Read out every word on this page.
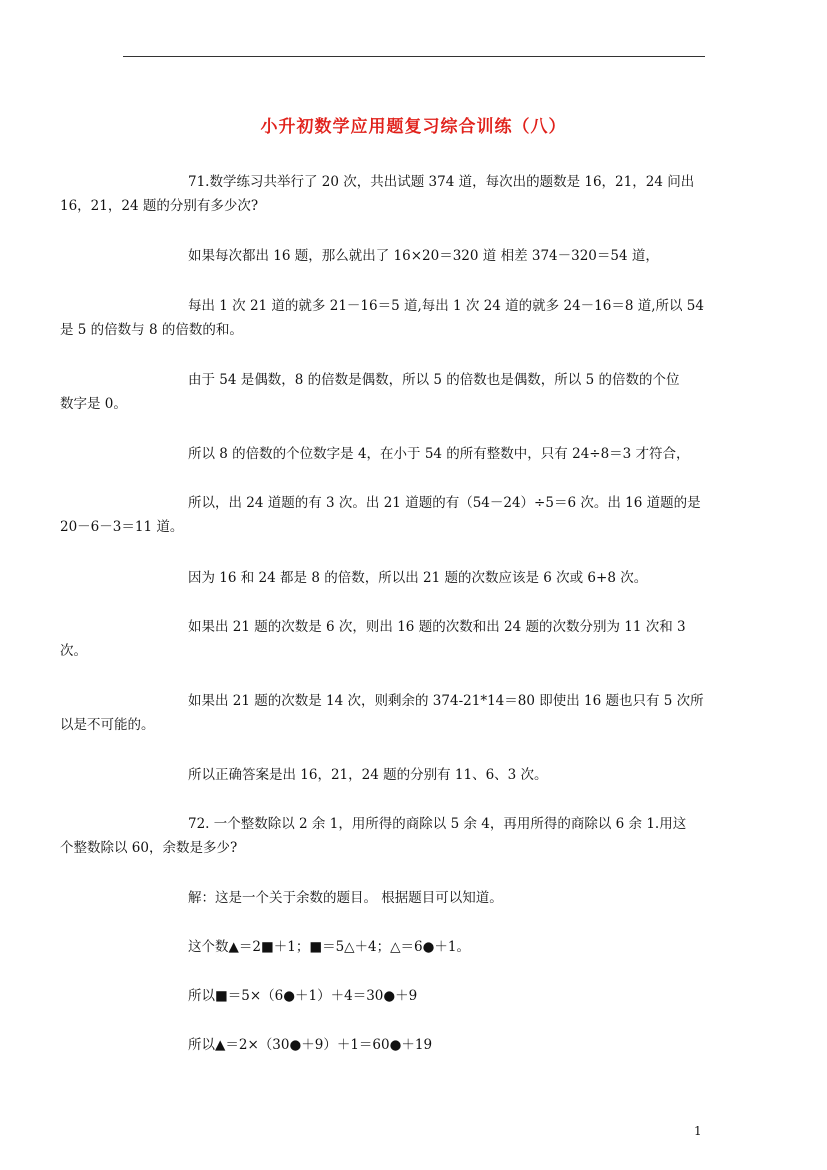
小升初数学应用题复习综合训练（八）
71.数学练习共举行了 20 次，共出试题 374 道，每次出的题数是 16，21，24 问出
16，21，24 题的分别有多少次?
如果每次都出 16 题，那么就出了 16×20＝320 道 相差 374－320＝54 道，
每出 1 次 21 道的就多 21－16＝5 道,每出 1 次 24 道的就多 24－16＝8 道,所以 54
是 5 的倍数与 8 的倍数的和。
由于 54 是偶数，8 的倍数是偶数，所以 5 的倍数也是偶数，所以 5 的倍数的个位
数字是 0。
所以 8 的倍数的个位数字是 4，在小于 54 的所有整数中，只有 24÷8＝3 才符合，
所以，出 24 道题的有 3 次。出 21 道题的有（54－24）÷5＝6 次。出 16 道题的是
20－6－3＝11 道。
因为 16 和 24 都是 8 的倍数，所以出 21 题的次数应该是 6 次或 6+8 次。
如果出 21 题的次数是 6 次，则出 16 题的次数和出 24 题的次数分别为 11 次和 3
次。
如果出 21 题的次数是 14 次，则剩余的 374-21*14＝80 即使出 16 题也只有 5 次所
以是不可能的。
所以正确答案是出 16，21，24 题的分别有 11、6、3 次。
72. 一个整数除以 2 余 1，用所得的商除以 5 余 4，再用所得的商除以 6 余 1.用这
个整数除以 60，余数是多少?
解：这是一个关于余数的题目。 根据题目可以知道。
这个数▲＝2■＋1；■＝5△＋4；△＝6●＋1。
所以■＝5×（6●＋1）＋4＝30●＋9
所以▲＝2×（30●＋9）＋1＝60●＋19
1
